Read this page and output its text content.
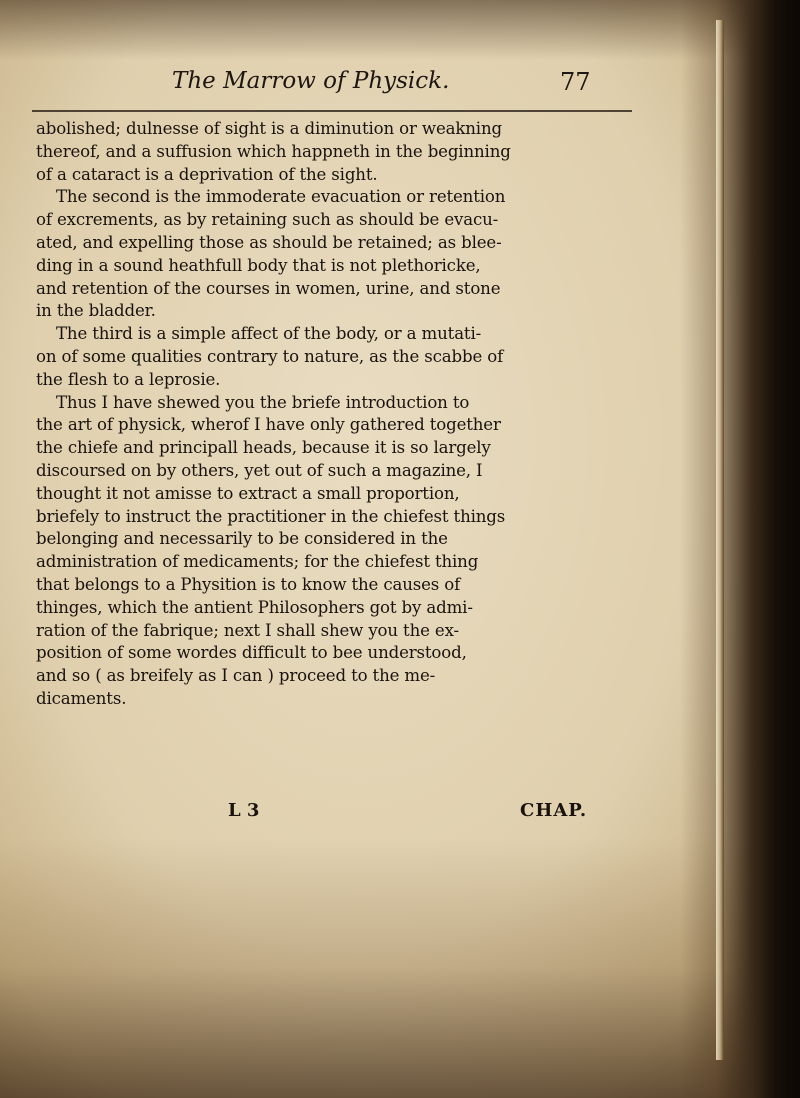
The Marrow of Physick.	77
abolished; dulnesse of sight is a diminution or weakning
thereof, and a suffusion which happneth in the beginning
of a cataract is a deprivation of the sight.
The second is the immoderate evacuation or retention
of excrements, as by retaining such as should be evacu-
ated, and expelling those as should be retained; as blee-
ding in a sound heathfull body that is not plethoricke,
and retention of the courses in women, urine, and stone
in the bladder.
The third is a simple affect of the body, or a mutati-
on of some qualities contrary to nature, as the scabbe of
the flesh to a leprosie.
Thus I have shewed you the briefe introduction to
the art of physick, wherof I have only gathered together
the chiefe and principall heads, because it is so largely
discoursed on by others, yet out of such a magazine, I
thought it not amisse to extract a small proportion,
briefely to instruct the practitioner in the chiefest things
belonging and necessarily to be considered in the
administration of medicaments; for the chiefest thing
that belongs to a Physition is to know the causes of
thinges, which the antient Philosophers got by admi-
ration of the fabrique; next I shall shew you the ex-
position of some wordes difficult to bee understood,
and so ( as breifely as I can ) proceed to the me-
dicaments.
L 3	CHAP.
